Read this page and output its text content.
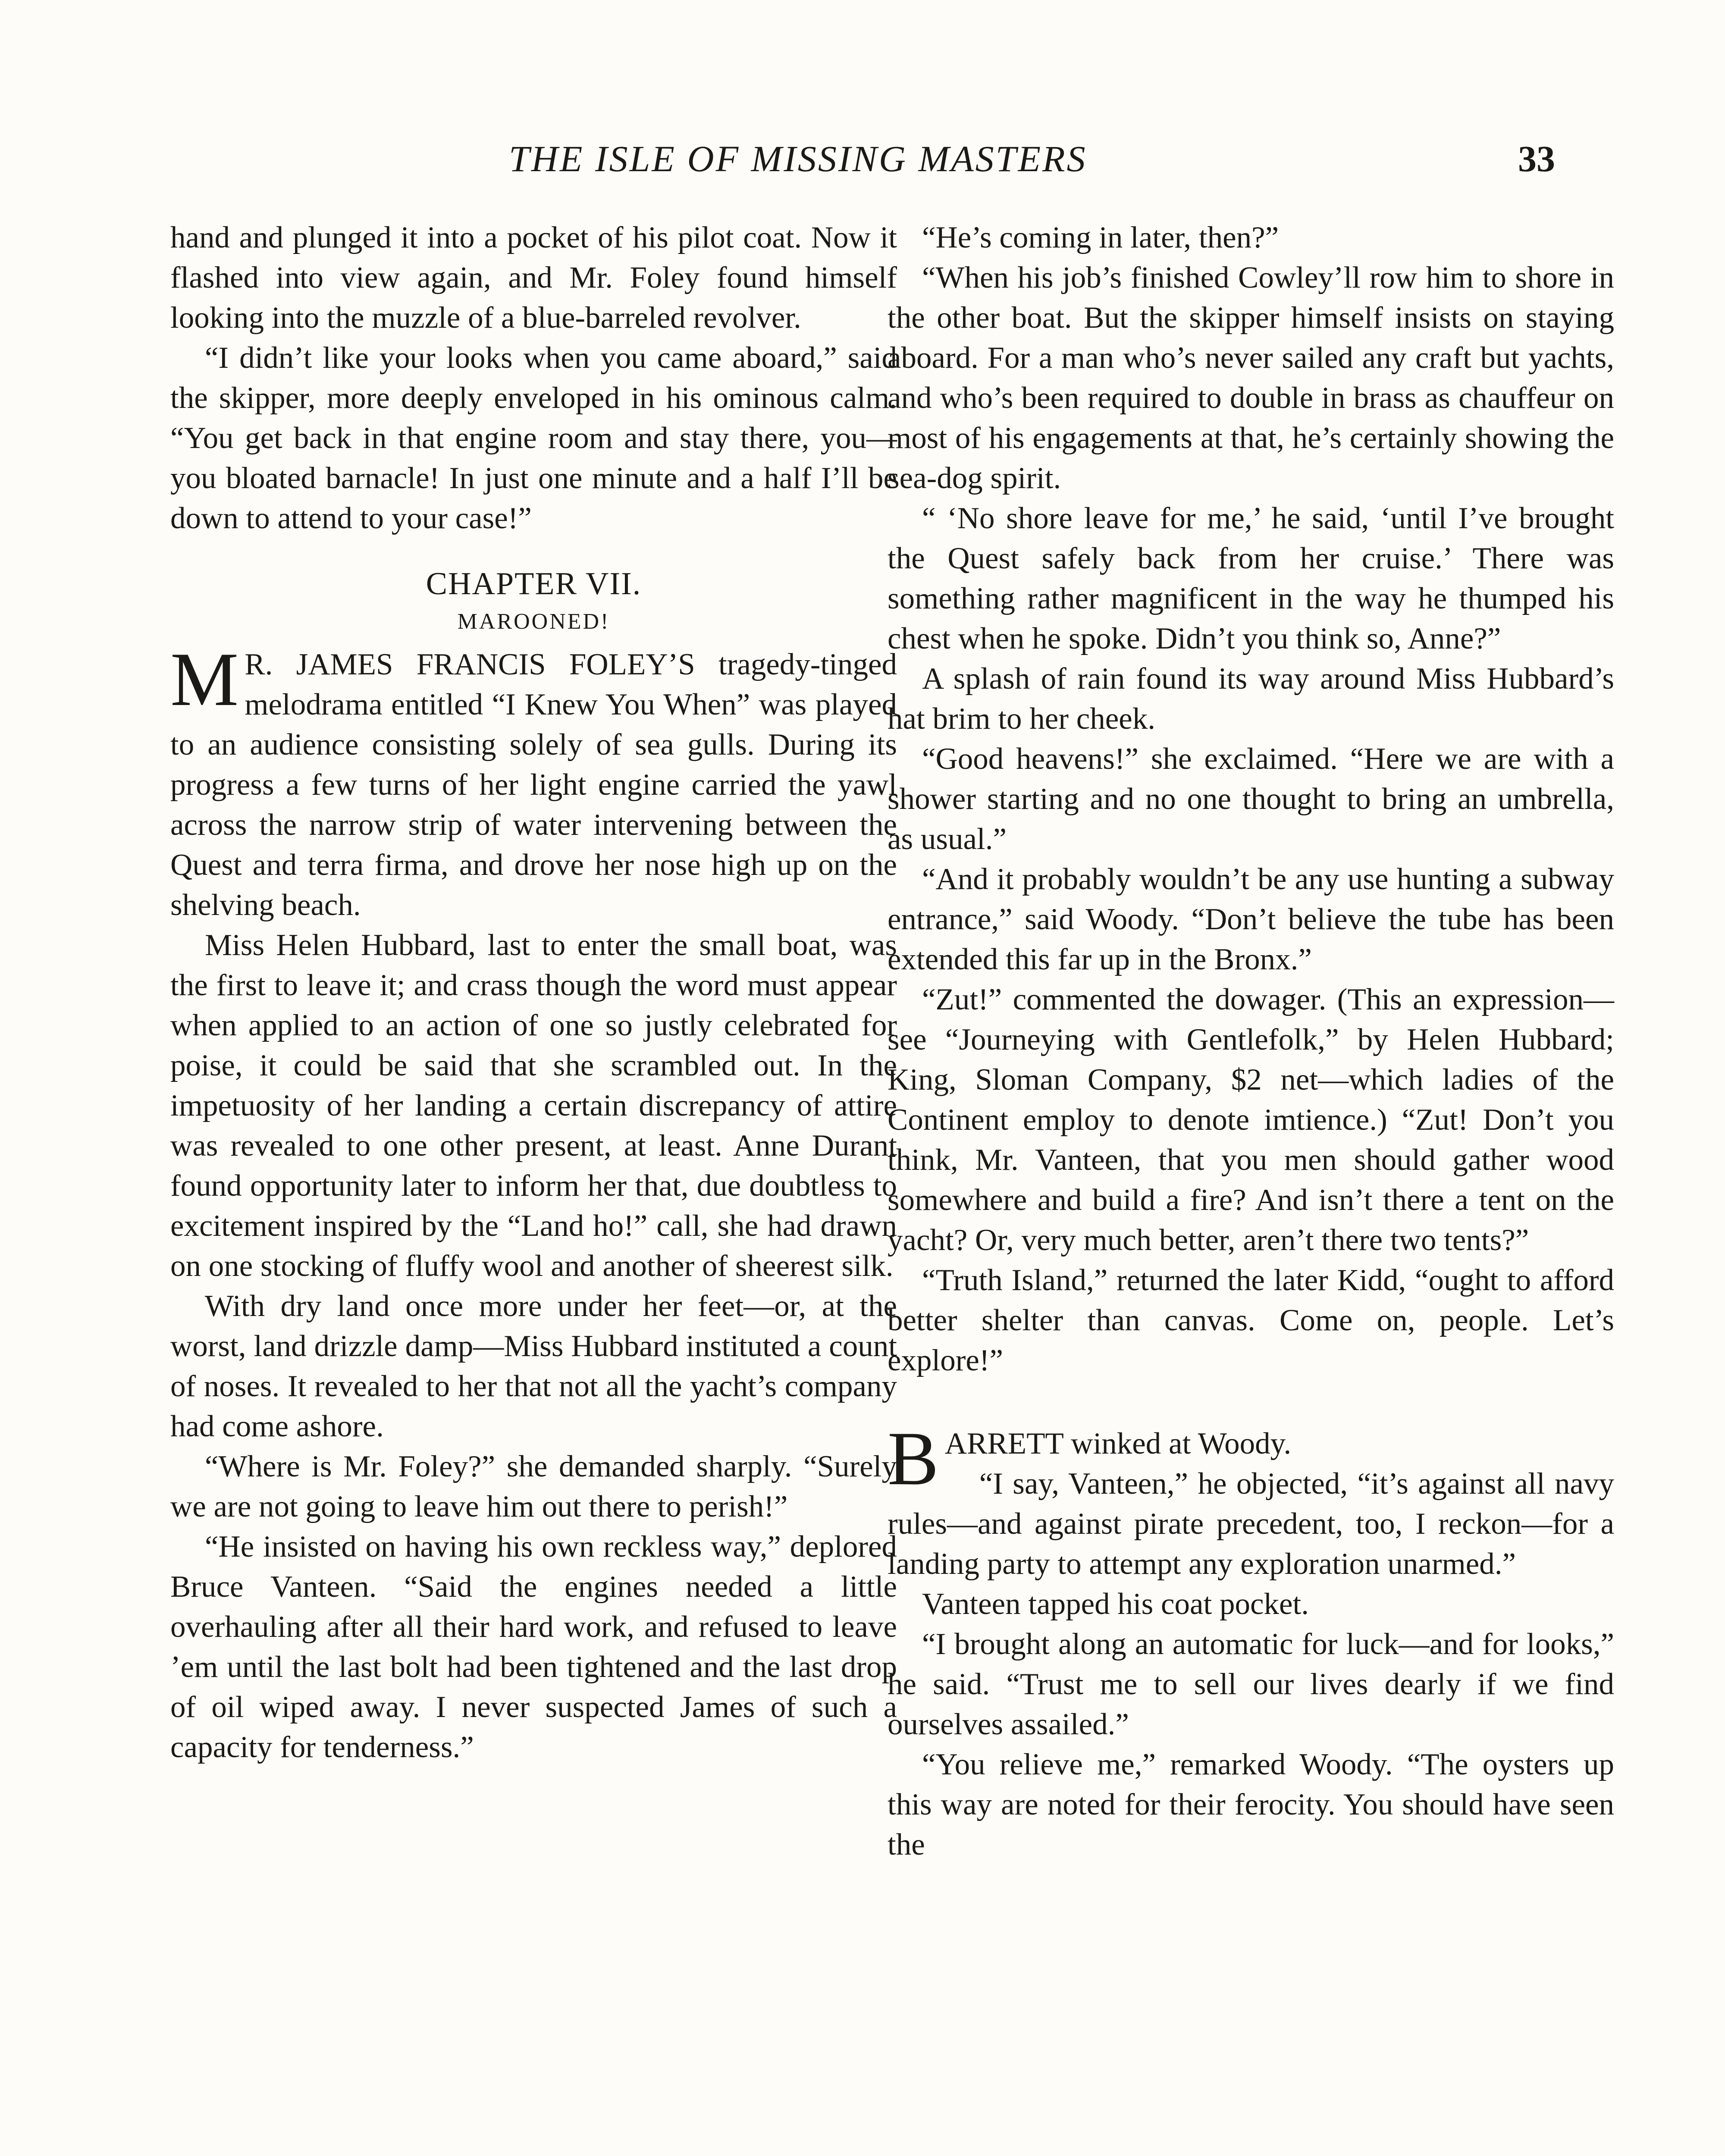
THE ISLE OF MISSING MASTERS	33

hand and plunged it into a pocket of his pilot coat. Now it flashed into view again, and Mr. Foley found himself looking into the muzzle of a blue-barreled revolver.

“I didn’t like your looks when you came aboard,” said the skipper, more deeply enveloped in his ominous calm. “You get back in that engine room and stay there, you—you bloated barnacle! In just one minute and a half I’ll be down to attend to your case!”

CHAPTER VII.
MAROONED!

MR. JAMES FRANCIS FOLEY’S tragedy-tinged melodrama entitled “I Knew You When” was played to an audience consisting solely of sea gulls. During its progress a few turns of her light engine carried the yawl across the narrow strip of water intervening between the Quest and terra firma, and drove her nose high up on the shelving beach.

Miss Helen Hubbard, last to enter the small boat, was the first to leave it; and crass though the word must appear when applied to an action of one so justly celebrated for poise, it could be said that she scrambled out. In the impetuosity of her landing a certain discrepancy of attire was revealed to one other present, at least. Anne Durant found opportunity later to inform her that, due doubtless to excitement inspired by the “Land ho!” call, she had drawn on one stocking of fluffy wool and another of sheerest silk.

With dry land once more under her feet—or, at the worst, land drizzle damp—Miss Hubbard instituted a count of noses. It revealed to her that not all the yacht’s company had come ashore.

“Where is Mr. Foley?” she demanded sharply. “Surely we are not going to leave him out there to perish!”

“He insisted on having his own reckless way,” deplored Bruce Vanteen. “Said the engines needed a little overhauling after all their hard work, and refused to leave ’em until the last bolt had been tightened and the last drop of oil wiped away. I never suspected James of such a capacity for tenderness.”

“He’s coming in later, then?”

“When his job’s finished Cowley’ll row him to shore in the other boat. But the skipper himself insists on staying aboard. For a man who’s never sailed any craft but yachts, and who’s been required to double in brass as chauffeur on most of his engagements at that, he’s certainly showing the sea-dog spirit.

“ ‘No shore leave for me,’ he said, ‘until I’ve brought the Quest safely back from her cruise.’ There was something rather magnificent in the way he thumped his chest when he spoke. Didn’t you think so, Anne?”

A splash of rain found its way around Miss Hubbard’s hat brim to her cheek.

“Good heavens!” she exclaimed. “Here we are with a shower starting and no one thought to bring an umbrella, as usual.”

“And it probably wouldn’t be any use hunting a subway entrance,” said Woody. “Don’t believe the tube has been extended this far up in the Bronx.”

“Zut!” commented the dowager. (This an expression—see “Journeying with Gentlefolk,” by Helen Hubbard; King, Sloman Company, $2 net—which ladies of the Continent employ to denote imtience.) “Zut! Don’t you think, Mr. Vanteen, that you men should gather wood somewhere and build a fire? And isn’t there a tent on the yacht? Or, very much better, aren’t there two tents?”

“Truth Island,” returned the later Kidd, “ought to afford better shelter than canvas. Come on, people. Let’s explore!”

BARRETT winked at Woody.

“I say, Vanteen,” he objected, “it’s against all navy rules—and against pirate precedent, too, I reckon—for a landing party to attempt any exploration unarmed.”

Vanteen tapped his coat pocket.

“I brought along an automatic for luck—and for looks,” he said. “Trust me to sell our lives dearly if we find ourselves assailed.”

“You relieve me,” remarked Woody. “The oysters up this way are noted for their ferocity. You should have seen the
